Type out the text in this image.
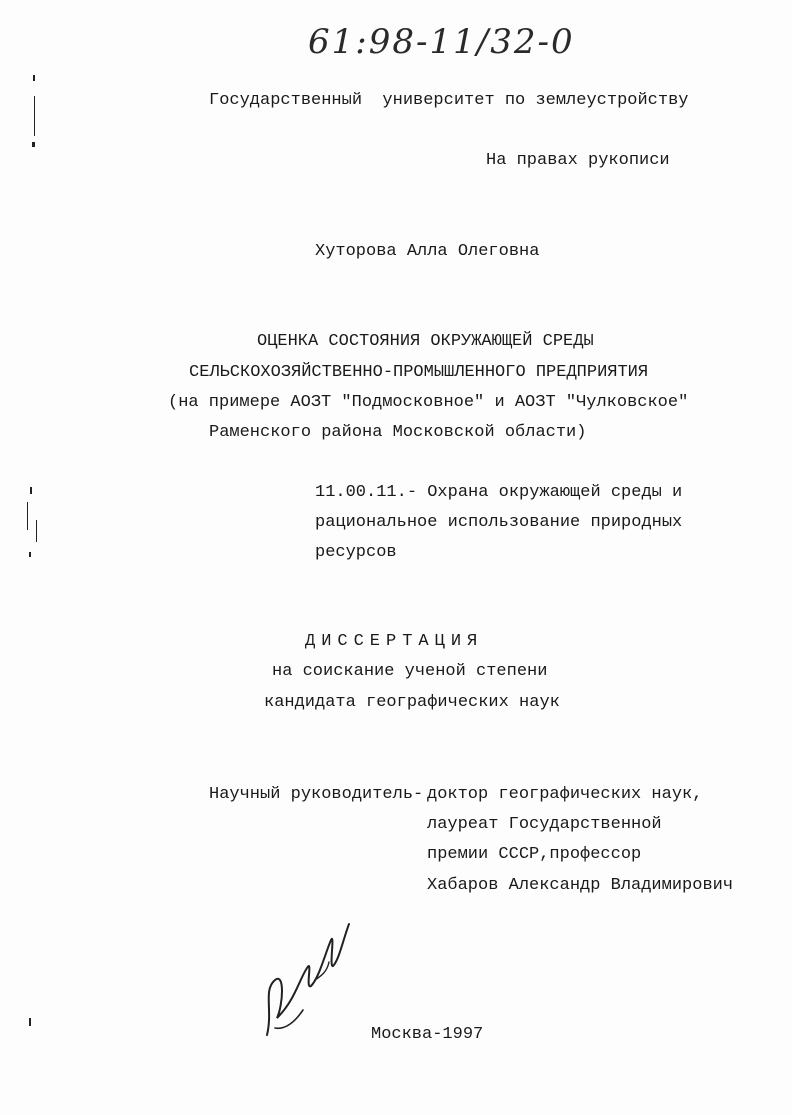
61:98-11/32-0
Государственный  университет по землеустройству
На правах рукописи
Хуторова Алла Олеговна
ОЦЕНКА СОСТОЯНИЯ ОКРУЖАЮЩЕЙ СРЕДЫ
СЕЛЬСКОХОЗЯЙСТВЕННО-ПРОМЫШЛЕННОГО ПРЕДПРИЯТИЯ
(на примере АОЗТ "Подмосковное" и АОЗТ "Чулковское"
Раменского района Московской области)
11.00.11.- Охрана окружающей среды и
рациональное использование природных
ресурсов
ДИССЕРТАЦИЯ
на соискание ученой степени
кандидата географических наук
Научный руководитель- доктор географических наук,
лауреат Государственной
премии СССР,профессор
Хабаров Александр Владимирович
Москва-1997
